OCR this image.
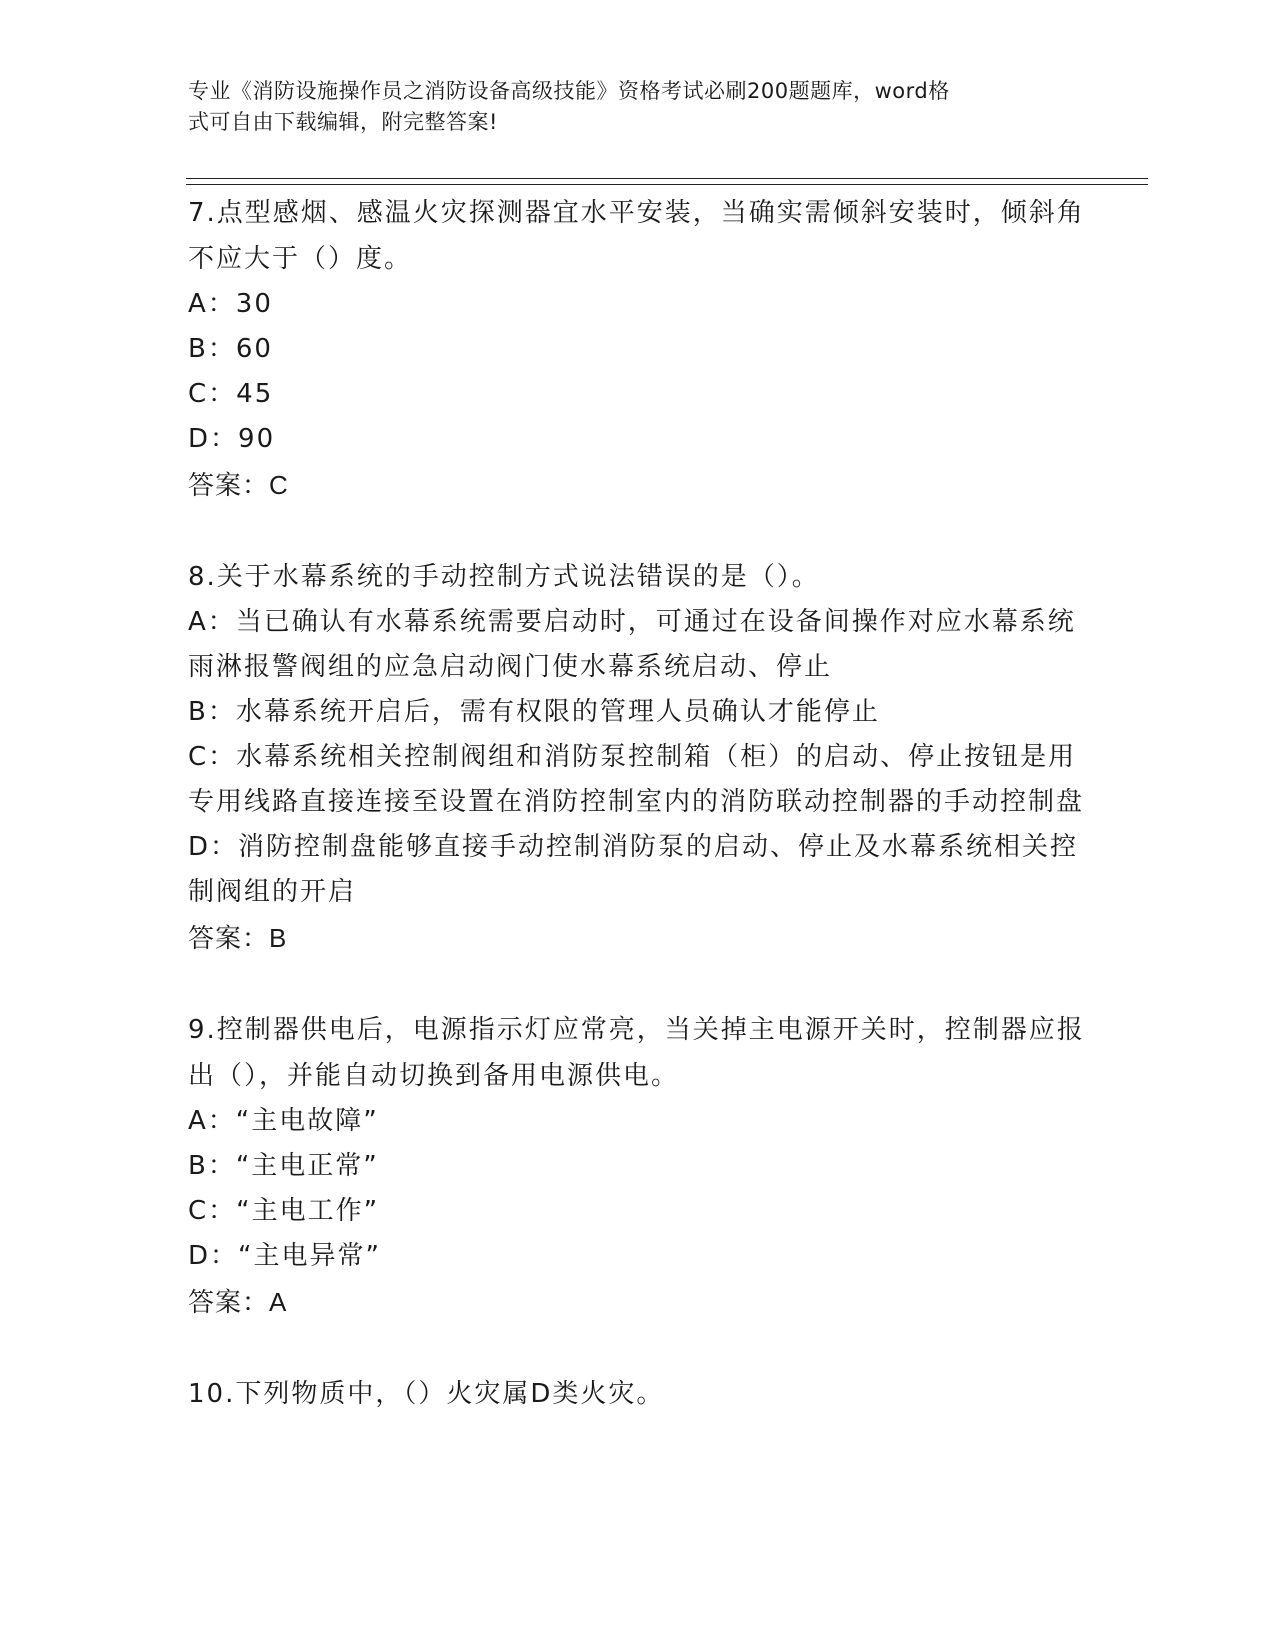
专业《消防设施操作员之消防设备高级技能》资格考试必刷200题题库，word格
式可自由下载编辑，附完整答案!

7.点型感烟、感温火灾探测器宜水平安装，当确实需倾斜安装时，倾斜角不应大于（）度。

A：30

B：60

C：45

D：90

答案：C

8.关于水幕系统的手动控制方式说法错误的是（）。

A：当已确认有水幕系统需要启动时，可通过在设备间操作对应水幕系统雨淋报警阀组的应急启动阀门使水幕系统启动、停止

B：水幕系统开启后，需有权限的管理人员确认才能停止

C：水幕系统相关控制阀组和消防泵控制箱（柜）的启动、停止按钮是用专用线路直接连接至设置在消防控制室内的消防联动控制器的手动控制盘

D：消防控制盘能够直接手动控制消防泵的启动、停止及水幕系统相关控制阀组的开启

答案：B

9.控制器供电后，电源指示灯应常亮，当关掉主电源开关时，控制器应报出（），并能自动切换到备用电源供电。

A：“主电故障”

B：“主电正常”

C：“主电工作”

D：“主电异常”

答案：A

10.下列物质中，（）火灾属D类火灾。
